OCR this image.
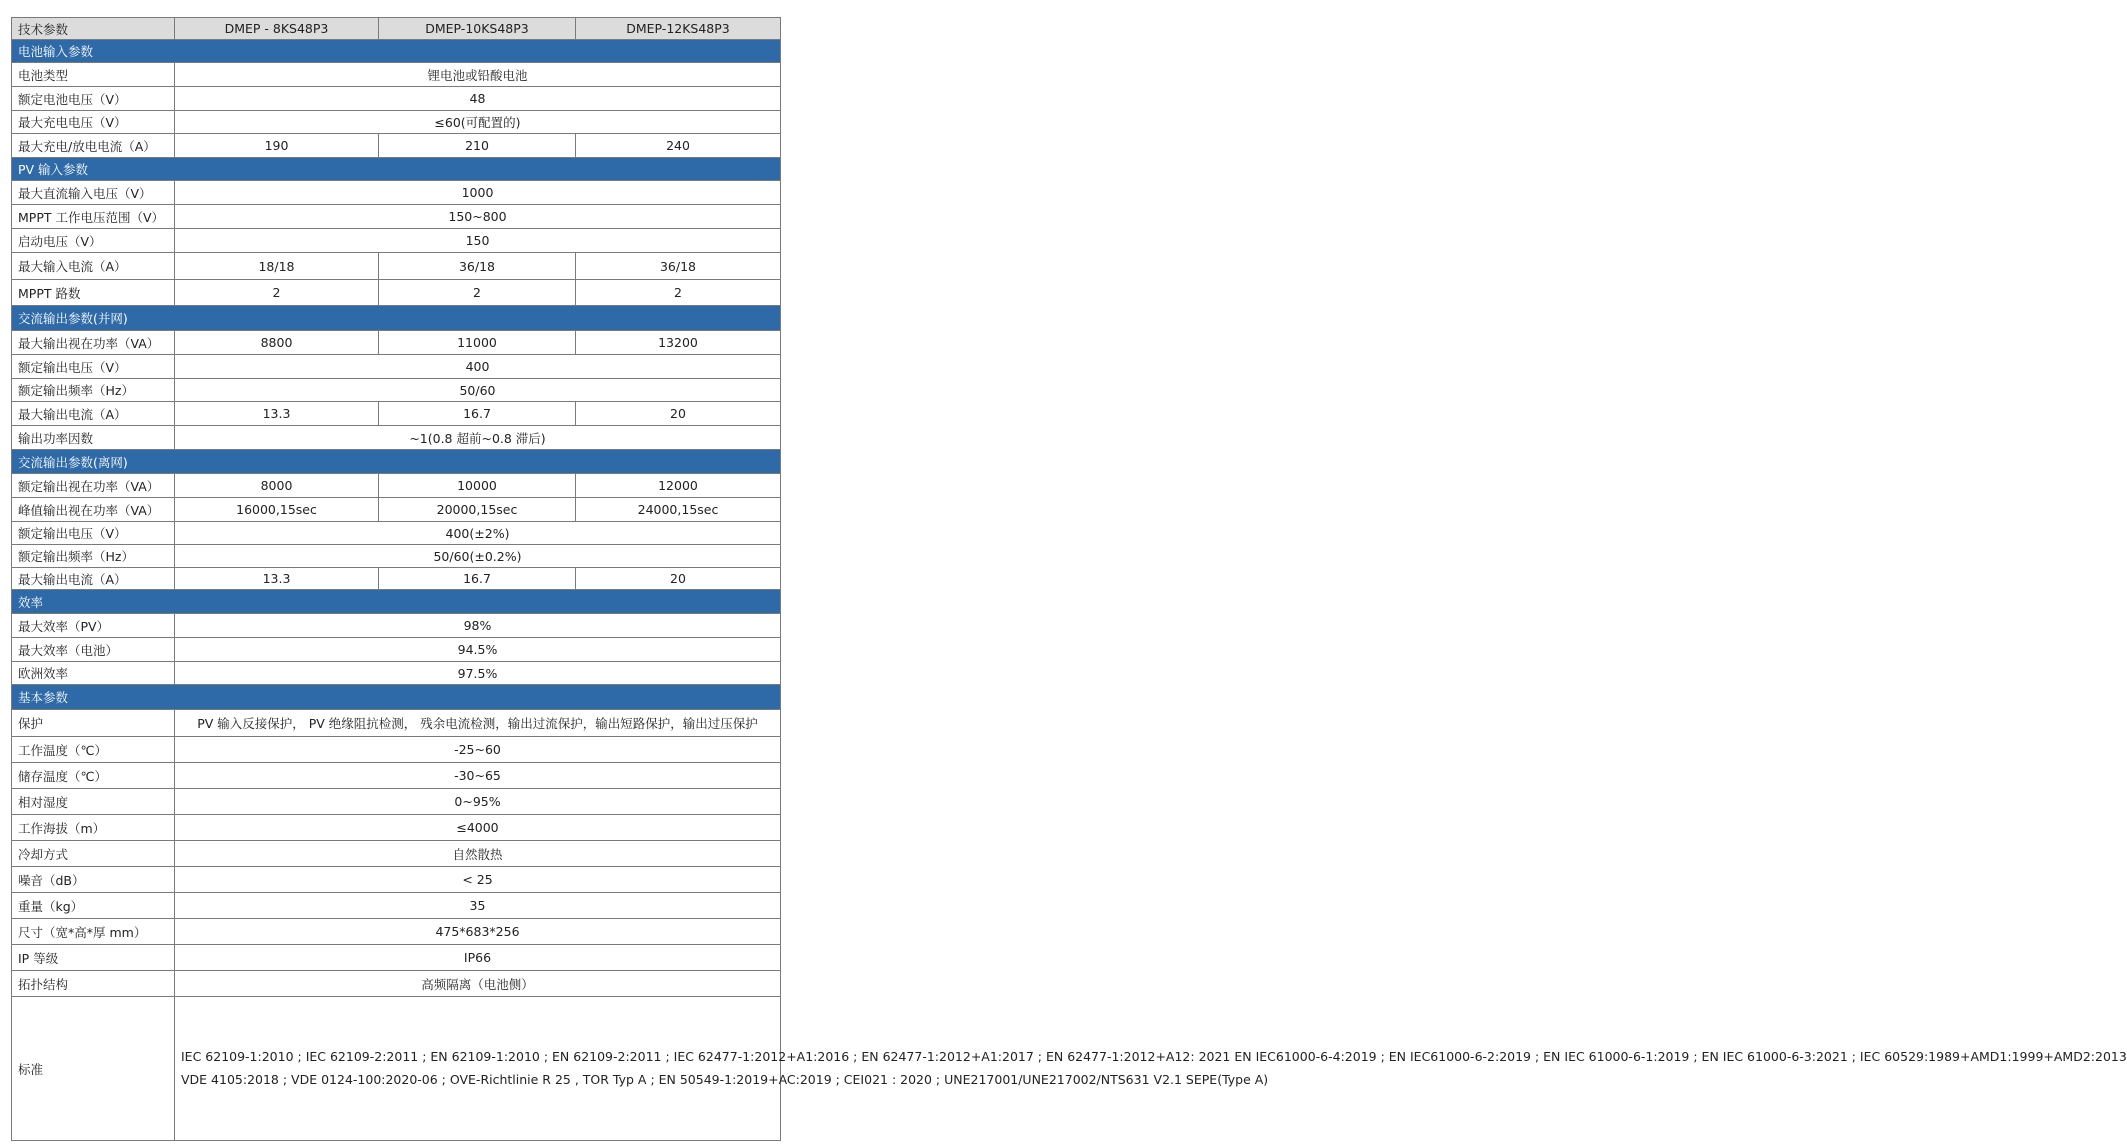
技术参数	DMEP - 8KS48P3	DMEP-10KS48P3	DMEP-12KS48P3
电池输入参数			
电池类型	锂电池或铅酸电池		
额定电池电压（V）	48		
最大充电电压（V）	≤60(可配置的)		
最大充电/放电电流（A）	190	210	240
PV 输入参数			
最大直流输入电压（V）	1000		
MPPT 工作电压范围（V）	150~800		
启动电压（V）	150		
最大输入电流（A）	18/18	36/18	36/18
MPPT 路数	2	2	2
交流输出参数(并网)			
最大输出视在功率（VA）	8800	11000	13200
额定输出电压（V）	400		
额定输出频率（Hz）	50/60		
最大输出电流（A）	13.3	16.7	20
输出功率因数	~1(0.8 超前~0.8 滞后)		
交流输出参数(离网)			
额定输出视在功率（VA）	8000	10000	12000
峰值输出视在功率（VA）	16000,15sec	20000,15sec	24000,15sec
额定输出电压（V）	400(±2%)		
额定输出频率（Hz）	50/60(±0.2%)		
最大输出电流（A）	13.3	16.7	20
效率			
最大效率（PV）	98%		
最大效率（电池）	94.5%		
欧洲效率	97.5%		
基本参数			
保护	PV 输入反接保护， PV 绝缘阻抗检测， 残余电流检测，输出过流保护，输出短路保护，输出过压保护		
工作温度（℃）	-25~60		
储存温度（℃）	-30~65		
相对湿度	0~95%		
工作海拔（m）	≤4000		
冷却方式	自然散热		
噪音（dB）	< 25		
重量（kg）	35		
尺寸（宽*高*厚 mm）	475*683*256		
IP 等级	IP66		
拓扑结构	高频隔离（电池侧）		
标准	IEC 62109-1:2010 ; IEC 62109-2:2011 ; EN 62109-1:2010 ; EN 62109-2:2011 ; IEC 62477-1:2012+A1:2016 ; EN 62477-1:2012+A1:2017 ; EN 62477-1:2012+A12: 2021 EN IEC61000-6-4:2019 ; EN IEC61000-6-2:2019 ; EN IEC 61000-6-1:2019 ; EN IEC 61000-6-3:2021 ; IEC 60529:1989+AMD1:1999+AMD2:2013
VDE 4105:2018 ; VDE 0124-100:2020-06 ; OVE-Richtlinie R 25 , TOR Typ A ; EN 50549-1:2019+AC:2019 ; CEI021 : 2020 ; UNE217001/UNE217002/NTS631 V2.1 SEPE(Type A)		
